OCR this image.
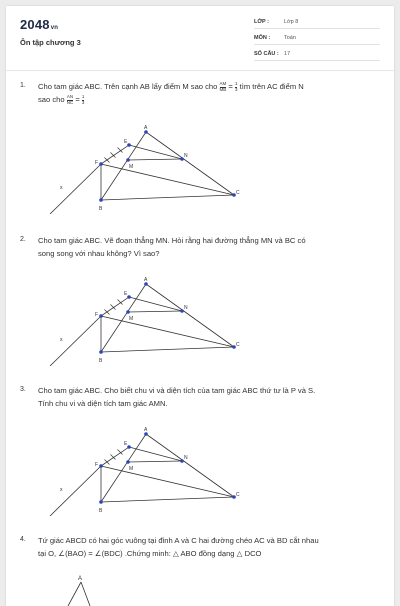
2048vn
Ôn tập chương 3
LỚP :	Lớp 8
MÔN :	Toán
SỐ CÂU : 17
1. Cho tam giác ABC. Trên cạnh AB lấy điểm M sao cho $\frac{AM}{MB} = \frac{1}{3}$ tìm trên AC điểm N
sao cho $\frac{AN}{NC} = \frac{1}{3}$
A
B
C
E
F
M
N
x
2. Cho tam giác ABC. Vẽ đoạn thẳng MN. Hỏi rằng hai đường thẳng MN và BC có
song song với nhau không? Vì sao?
A
B
C
E
F
M
N
x
3. Cho tam giác ABC. Cho biết chu vi và diện tích của tam giác ABC thứ tư là P và S.
Tính chu vi và diện tích tam giác AMN.
A
B
C
E
F
M
N
x
4. Tứ giác ABCD có hai góc vuông tại đỉnh A và C hai đường chéo AC và BD cắt nhau
tại O, ∠(BAO) = ∠(BDC) .Chứng minh: △ ABO đồng dạng △ DCO
A
